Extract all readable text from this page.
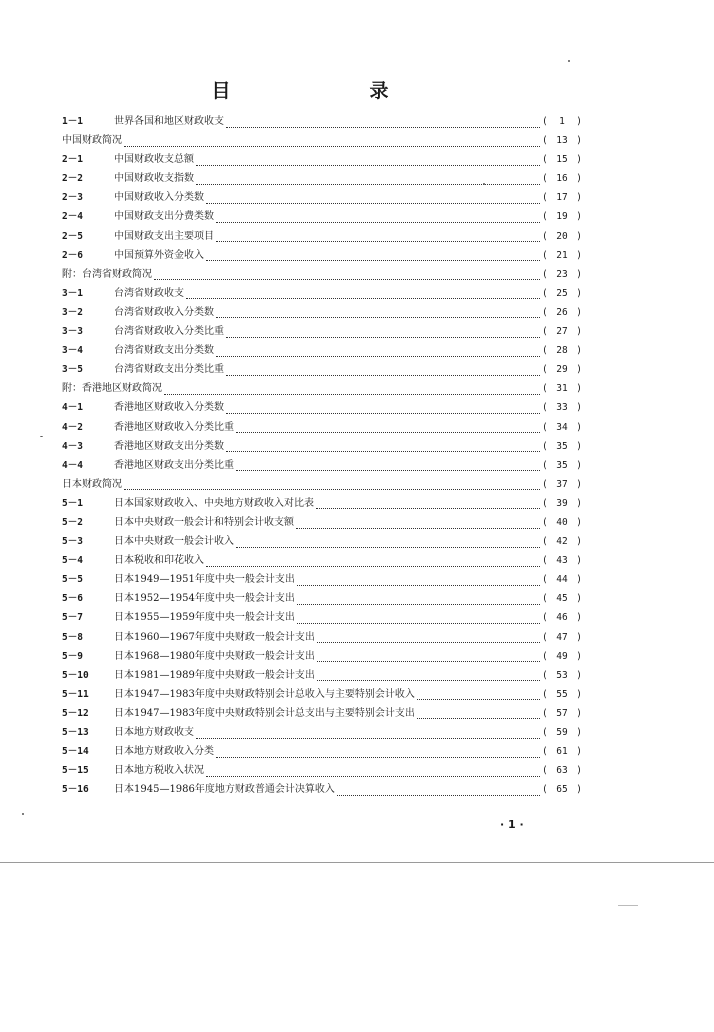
目　录
1－1	世界各国和地区财政收支	(	1	)
中国财政简况	( 13 )
2－1	中国财政收支总额	( 15 )
2－2	中国财政收支指数	( 16 )
2－3	中国财政收入分类数	( 17 )
2－4	中国财政支出分费类数	( 19 )
2－5	中国财政支出主要项目	( 20 )
2－6	中国预算外资金收入	( 21 )
附：台湾省财政简况	( 23 )
3－1	台湾省财政收支	( 25 )
3－2	台湾省财政收入分类数	( 26 )
3－3	台湾省财政收入分类比重	( 27 )
3－4	台湾省财政支出分类数	( 28 )
3－5	台湾省财政支出分类比重	( 29 )
附：香港地区财政简况	( 31 )
4－1	香港地区财政收入分类数	( 33 )
4－2	香港地区财政收入分类比重	( 34 )
4－3	香港地区财政支出分类数	( 35 )
4－4	香港地区财政支出分类比重	( 35 )
日本财政简况	( 37 )
5－1	日本国家财政收入、中央地方财政收入对比表	( 39 )
5－2	日本中央财政一般会计和特别会计收支额	( 40 )
5－3	日本中央财政一般会计收入	( 42 )
5－4	日本税收和印花收入	( 43 )
5－5	日本1949—1951年度中央一般会计支出	( 44 )
5－6	日本1952—1954年度中央一般会计支出	( 45 )
5－7	日本1955—1959年度中央一般会计支出	( 46 )
5－8	日本1960—1967年度中央财政一般会计支出	( 47 )
5－9	日本1968—1980年度中央财政一般会计支出	( 49 )
5－10	日本1981—1989年度中央财政一般会计支出	( 53 )
5－11	日本1947—1983年度中央财政特别会计总收入与主要特别会计收入	( 55 )
5－12	日本1947—1983年度中央财政特别会计总支出与主要特别会计支出	( 57 )
5－13	日本地方财政收支	( 59 )
5－14	日本地方财政收入分类	( 61 )
5－15	日本地方税收入状况	( 63 )
5－16	日本1945—1986年度地方财政普通会计决算收入	( 65 )
· 1 ·
